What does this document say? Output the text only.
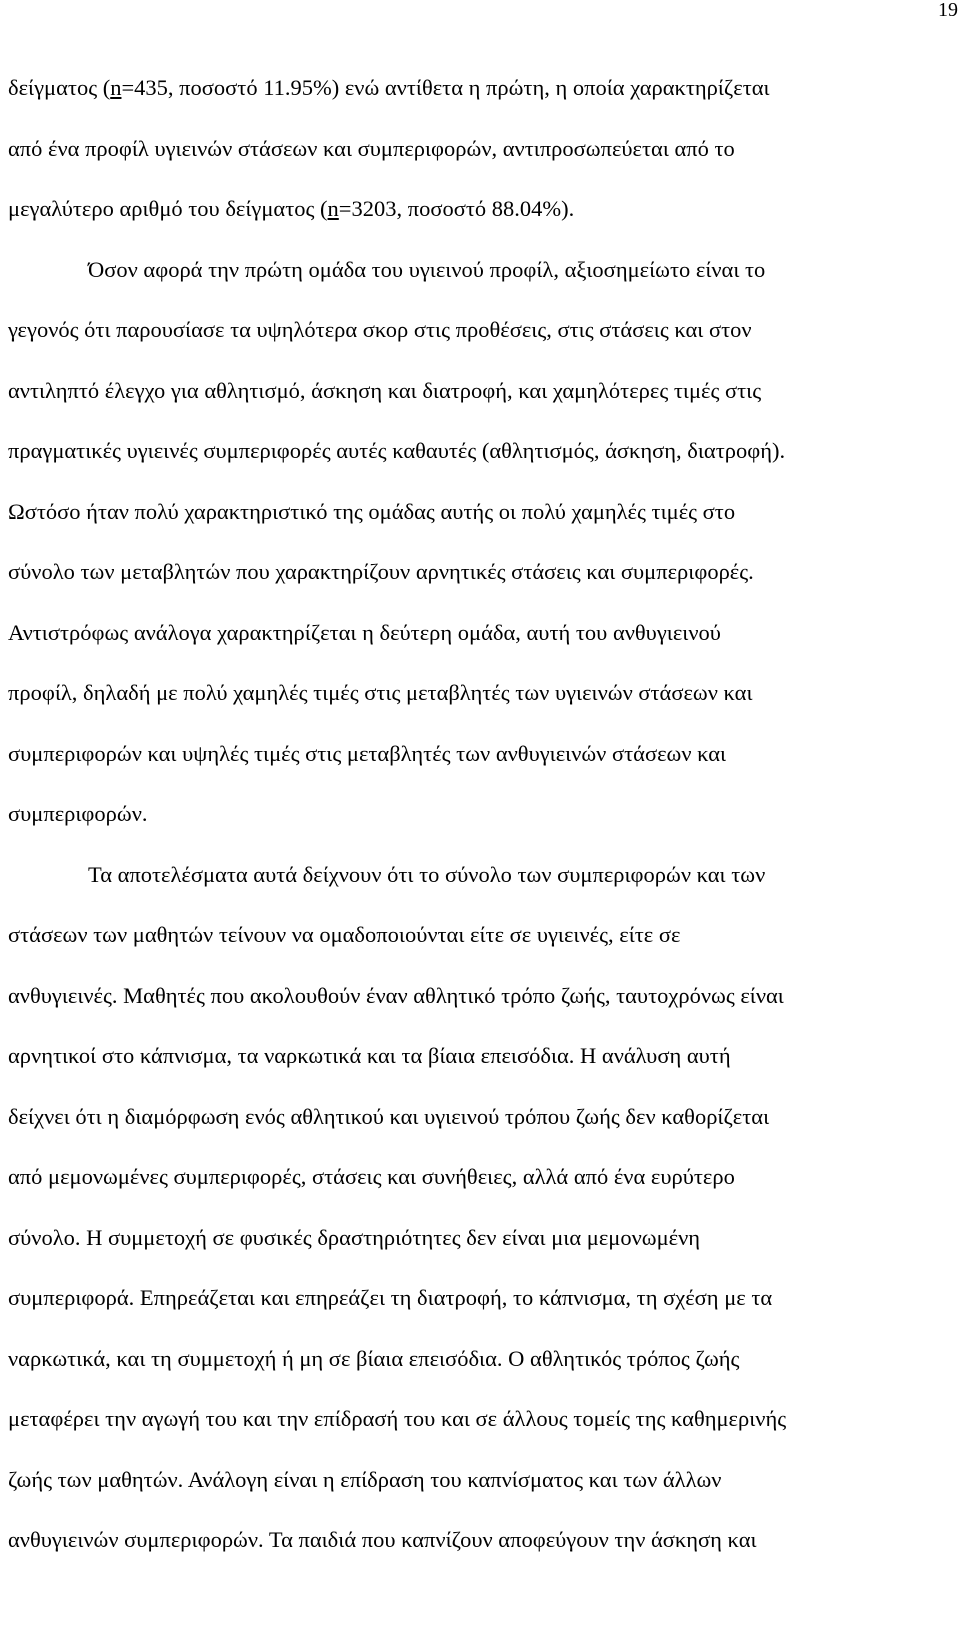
19
δείγματος (n=435, ποσοστό 11.95%) ενώ αντίθετα η πρώτη, η οποία χαρακτηρίζεται
από ένα προφίλ υγιεινών στάσεων και συμπεριφορών, αντιπροσωπεύεται από το
μεγαλύτερο αριθμό του δείγματος (n=3203, ποσοστό 88.04%).
Όσον αφορά την πρώτη ομάδα του υγιεινού προφίλ, αξιοσημείωτο είναι το
γεγονός ότι παρουσίασε τα υψηλότερα σκορ στις προθέσεις, στις στάσεις και στον
αντιληπτό έλεγχο για αθλητισμό, άσκηση και διατροφή, και χαμηλότερες τιμές στις
πραγματικές υγιεινές συμπεριφορές αυτές καθαυτές (αθλητισμός, άσκηση, διατροφή).
Ωστόσο ήταν πολύ χαρακτηριστικό της ομάδας αυτής οι πολύ χαμηλές τιμές στο
σύνολο των μεταβλητών που χαρακτηρίζουν αρνητικές στάσεις και συμπεριφορές.
Αντιστρόφως ανάλογα χαρακτηρίζεται η δεύτερη ομάδα, αυτή του ανθυγιεινού
προφίλ, δηλαδή με πολύ χαμηλές τιμές στις μεταβλητές των υγιεινών στάσεων και
συμπεριφορών και υψηλές τιμές στις μεταβλητές των ανθυγιεινών στάσεων και
συμπεριφορών.
Τα αποτελέσματα αυτά δείχνουν ότι το σύνολο των συμπεριφορών και των
στάσεων των μαθητών τείνουν να ομαδοποιούνται είτε σε υγιεινές, είτε σε
ανθυγιεινές. Μαθητές που ακολουθούν έναν αθλητικό τρόπο ζωής, ταυτοχρόνως είναι
αρνητικοί στο κάπνισμα, τα ναρκωτικά και τα βίαια επεισόδια. Η ανάλυση αυτή
δείχνει ότι η διαμόρφωση ενός αθλητικού και υγιεινού τρόπου ζωής δεν καθορίζεται
από μεμονωμένες συμπεριφορές, στάσεις και συνήθειες, αλλά από ένα ευρύτερο
σύνολο. Η συμμετοχή σε φυσικές δραστηριότητες δεν είναι μια μεμονωμένη
συμπεριφορά. Επηρεάζεται και επηρεάζει τη διατροφή, το κάπνισμα, τη σχέση με τα
ναρκωτικά, και τη συμμετοχή ή μη σε βίαια επεισόδια. Ο αθλητικός τρόπος ζωής
μεταφέρει την αγωγή του και την επίδρασή του και σε άλλους τομείς της καθημερινής
ζωής των μαθητών. Ανάλογη είναι η επίδραση του καπνίσματος και των άλλων
ανθυγιεινών συμπεριφορών. Τα παιδιά που καπνίζουν αποφεύγουν την άσκηση και
